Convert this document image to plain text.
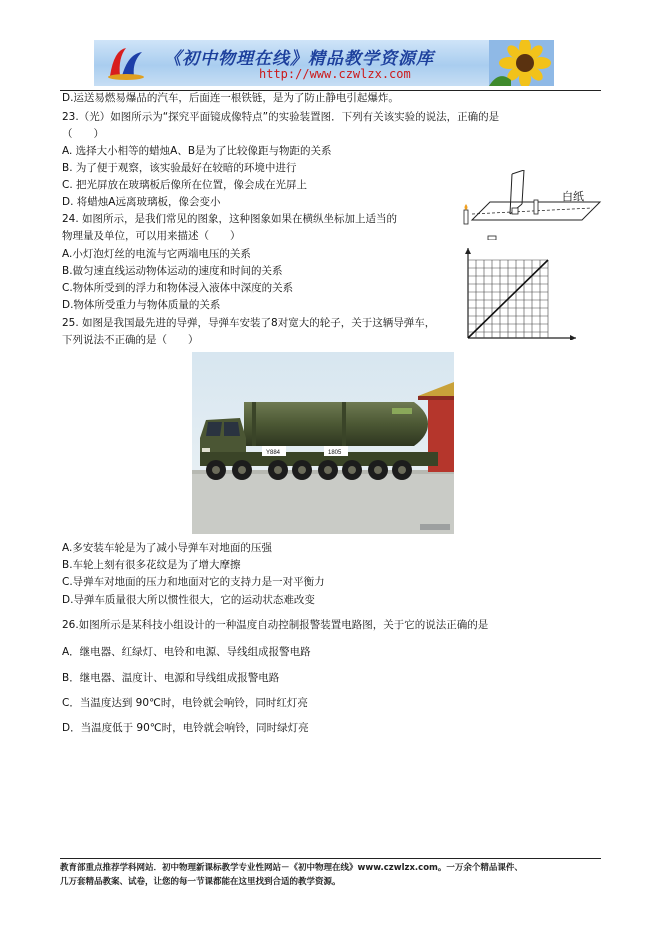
《初中物理在线》精品教学资源库
http://www.czwlzx.com
D.运送易燃易爆品的汽车，后面连一根铁链，是为了防止静电引起爆炸。
23.（光）如图所示为“探究平面镜成像特点”的实验装置图．下列有关该实验的说法，正确的是
（　　）
A. 选择大小相等的蜡烛A、B是为了比较像距与物距的关系
B. 为了便于观察，该实验最好在较暗的环境中进行
C. 把光屏放在玻璃板后像所在位置，像会成在光屏上
D. 将蜡烛A远离玻璃板，像会变小
24. 如图所示，是我们常见的图象，这种图象如果在横纵坐标加上适当的
物理量及单位，可以用来描述（　　）
A.小灯泡灯丝的电流与它两端电压的关系
B.做匀速直线运动物体运动的速度和时间的关系
C.物体所受到的浮力和物体浸入液体中深度的关系
D.物体所受重力与物体质量的关系
25. 如图是我国最先进的导弹，导弹车安装了8对宽大的轮子，关于这辆导弹车，
下列说法不正确的是（　　）
白纸
Y884	1805
A.多安装车轮是为了减小导弹车对地面的压强
B.车轮上刻有很多花纹是为了增大摩擦
C.导弹车对地面的压力和地面对它的支持力是一对平衡力
D.导弹车质量很大所以惯性很大，它的运动状态难改变
26.如图所示是某科技小组设计的一种温度自动控制报警装置电路图，关于它的说法正确的是
A．继电器、红绿灯、电铃和电源、导线组成报警电路
B．继电器、温度计、电源和导线组成报警电路
C．当温度达到 90℃时，电铃就会响铃，同时红灯亮
D．当温度低于 90℃时，电铃就会响铃，同时绿灯亮
教育部重点推荐学科网站．初中物理新课标教学专业性网站－《初中物理在线》www.czwlzx.com。一万余个精品课件、
几万套精品教案、试卷，让您的每一节课都能在这里找到合适的教学资源。
